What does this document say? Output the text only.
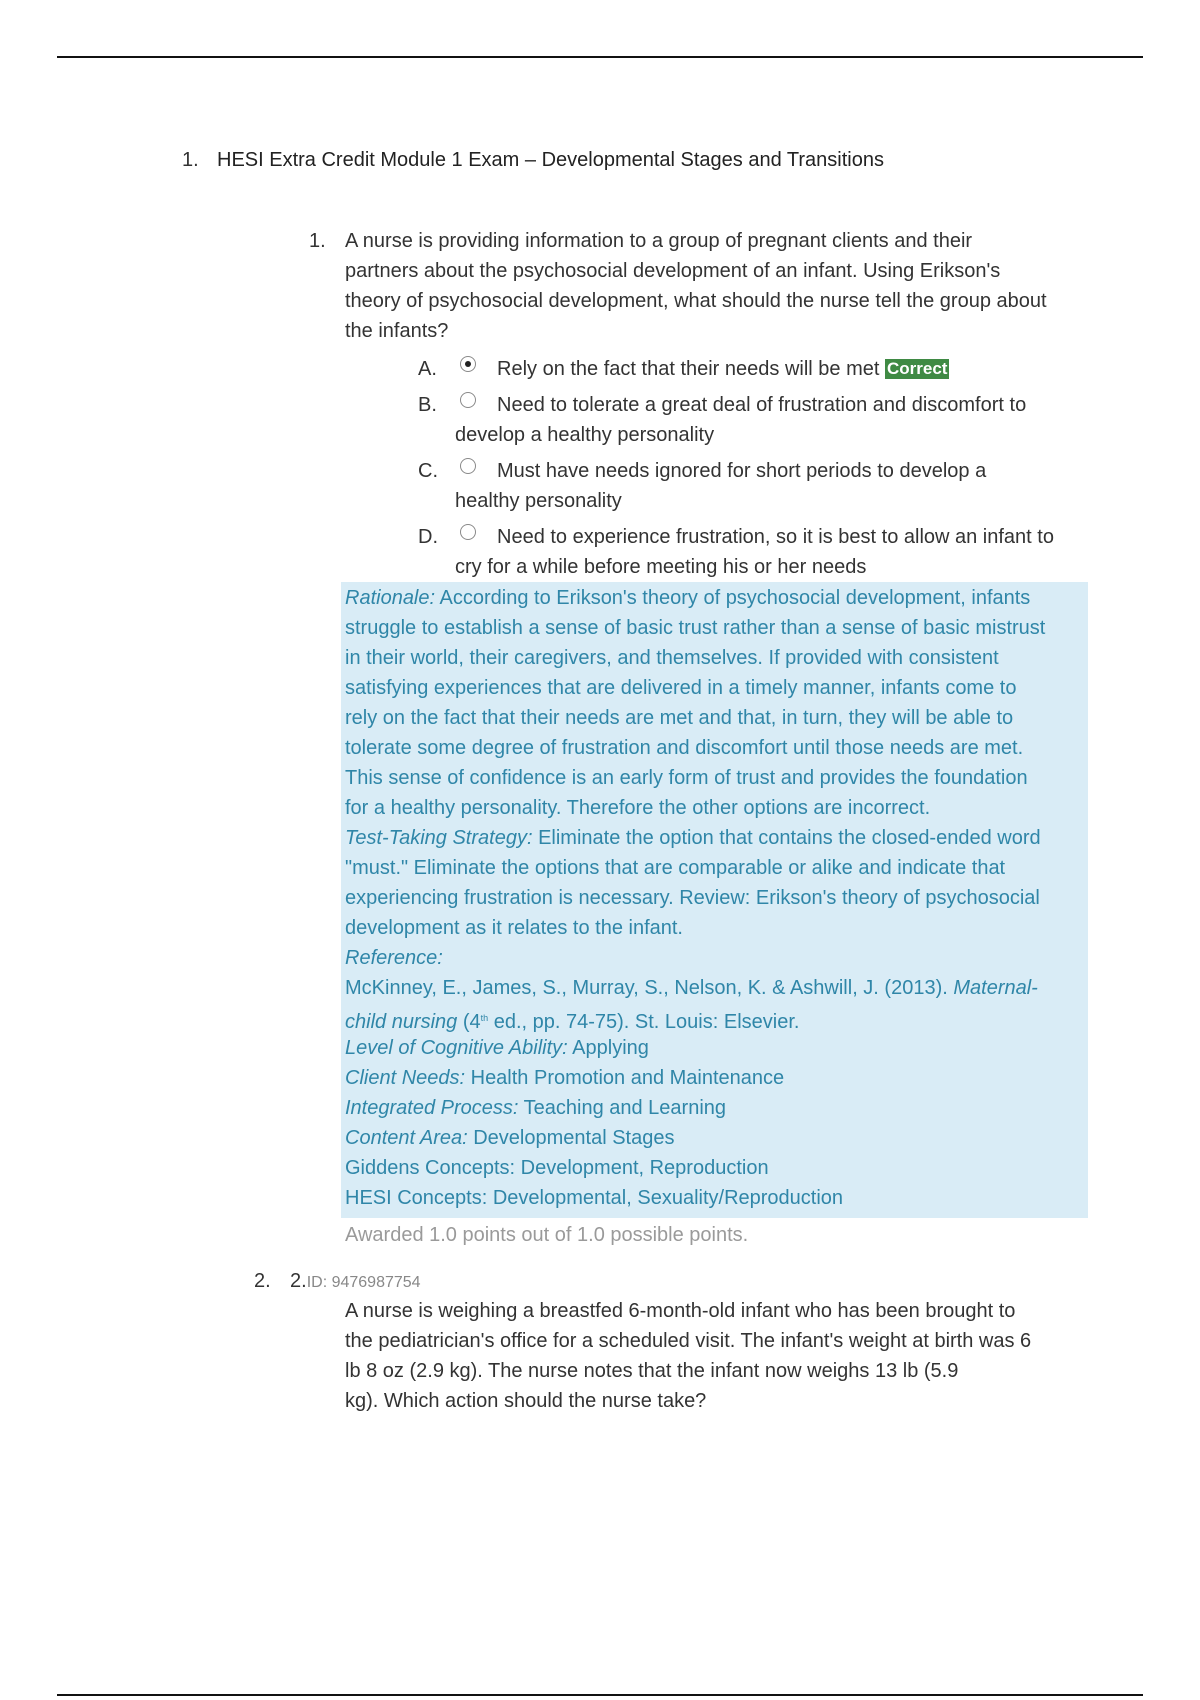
1. HESI Extra Credit Module 1 Exam – Developmental Stages and Transitions
1. A nurse is providing information to a group of pregnant clients and their
partners about the psychosocial development of an infant. Using Erikson's
theory of psychosocial development, what should the nurse tell the group about
the infants?
A.	Rely on the fact that their needs will be met Correct
B.	Need to tolerate a great deal of frustration and discomfort to
develop a healthy personality
C.	Must have needs ignored for short periods to develop a
healthy personality
D.	Need to experience frustration, so it is best to allow an infant to
cry for a while before meeting his or her needs
Rationale: According to Erikson's theory of psychosocial development, infants
struggle to establish a sense of basic trust rather than a sense of basic mistrust
in their world, their caregivers, and themselves. If provided with consistent
satisfying experiences that are delivered in a timely manner, infants come to
rely on the fact that their needs are met and that, in turn, they will be able to
tolerate some degree of frustration and discomfort until those needs are met.
This sense of confidence is an early form of trust and provides the foundation
for a healthy personality. Therefore the other options are incorrect.
Test-Taking Strategy: Eliminate the option that contains the closed-ended word
"must." Eliminate the options that are comparable or alike and indicate that
experiencing frustration is necessary. Review: Erikson's theory of psychosocial
development as it relates to the infant.
Reference:
McKinney, E., James, S., Murray, S., Nelson, K. & Ashwill, J. (2013). Maternal-
child nursing (4th ed., pp. 74-75). St. Louis: Elsevier.
Level of Cognitive Ability: Applying
Client Needs: Health Promotion and Maintenance
Integrated Process: Teaching and Learning
Content Area: Developmental Stages
Giddens Concepts: Development, Reproduction
HESI Concepts: Developmental, Sexuality/Reproduction
Awarded 1.0 points out of 1.0 possible points.
2. 2.ID: 9476987754
A nurse is weighing a breastfed 6-month-old infant who has been brought to
the pediatrician's office for a scheduled visit. The infant's weight at birth was 6
lb 8 oz (2.9 kg). The nurse notes that the infant now weighs 13 lb (5.9
kg). Which action should the nurse take?
